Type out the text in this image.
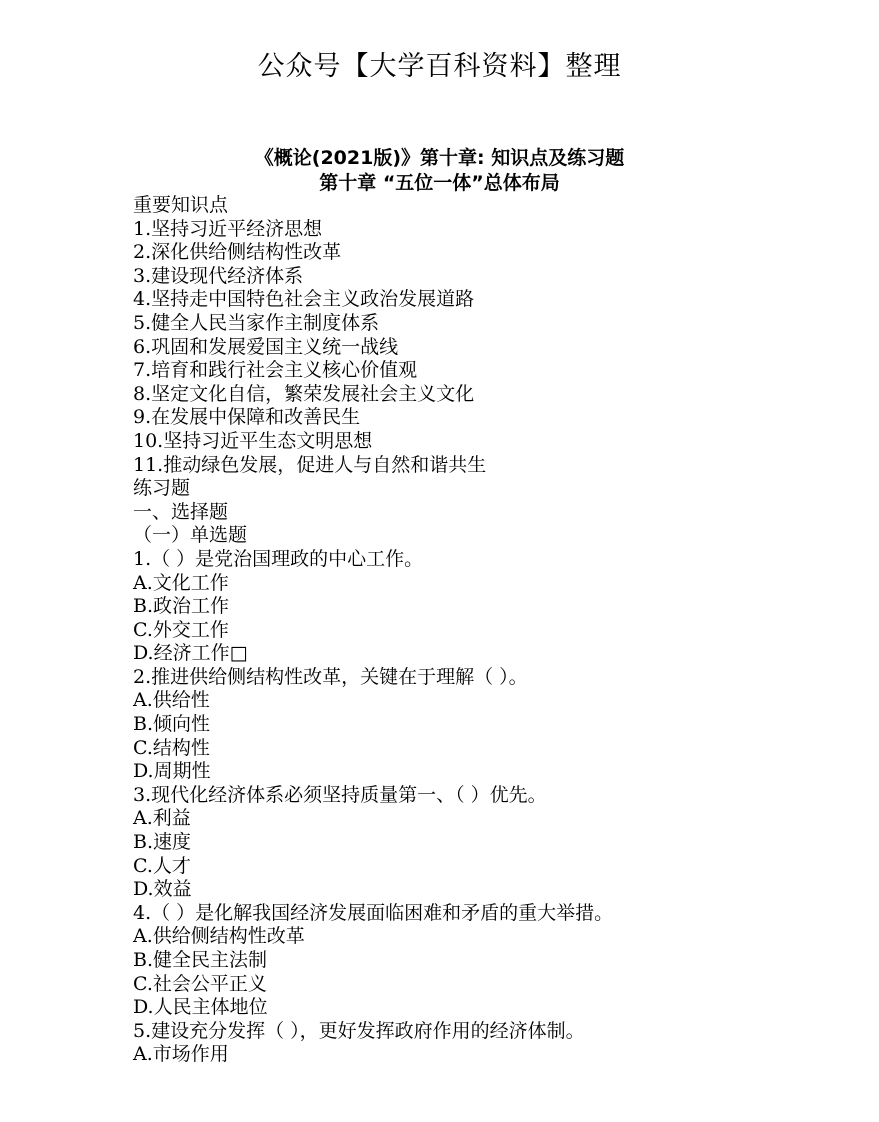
公众号【大学百科资料】整理
《概论(2021版)》第十章: 知识点及练习题
第十章 “五位一体”总体布局
重要知识点
1.坚持习近平经济思想
2.深化供给侧结构性改革
3.建设现代经济体系
4.坚持走中国特色社会主义政治发展道路
5.健全人民当家作主制度体系
6.巩固和发展爱国主义统一战线
7.培育和践行社会主义核心价值观
8.坚定文化自信，繁荣发展社会主义文化
9.在发展中保障和改善民生
10.坚持习近平生态文明思想
11.推动绿色发展，促进人与自然和谐共生
练习题
一、选择题
（一）单选题
1.（ ）是党治国理政的中心工作。
A.文化工作
B.政治工作
C.外交工作
D.经济工作□
2.推进供给侧结构性改革，关键在于理解（ ）。
A.供给性
B.倾向性
C.结构性
D.周期性
3.现代化经济体系必须坚持质量第一、（ ）优先。
A.利益
B.速度
C.人才
D.效益
4.（ ）是化解我国经济发展面临困难和矛盾的重大举措。
A.供给侧结构性改革
B.健全民主法制
C.社会公平正义
D.人民主体地位
5.建设充分发挥（ ），更好发挥政府作用的经济体制。
A.市场作用
